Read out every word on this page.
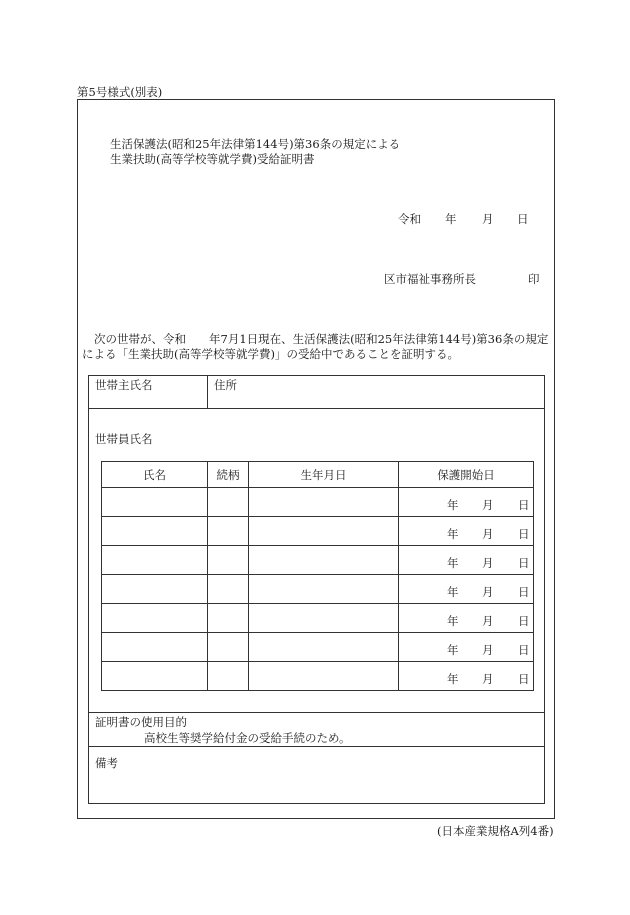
第5号様式(別表)
生活保護法(昭和25年法律第144号)第36条の規定による
生業扶助(高等学校等就学費)受給証明書
令和 年 月 日
区市福祉事務所長	印
次の世帯が、令和　　年7月1日現在、生活保護法(昭和25年法律第144号)第36条の規定
による「生業扶助(高等学校等就学費)」の受給中であることを証明する。
世帯主氏名	住所
世帯員氏名
氏名	続柄	生年月日	保護開始日

			年 月 日

			年 月 日

			年 月 日

			年 月 日

			年 月 日

			年 月 日

			年 月 日
証明書の使用目的
高校生等奨学給付金の受給手続のため。
備考
(日本産業規格A列4番)
